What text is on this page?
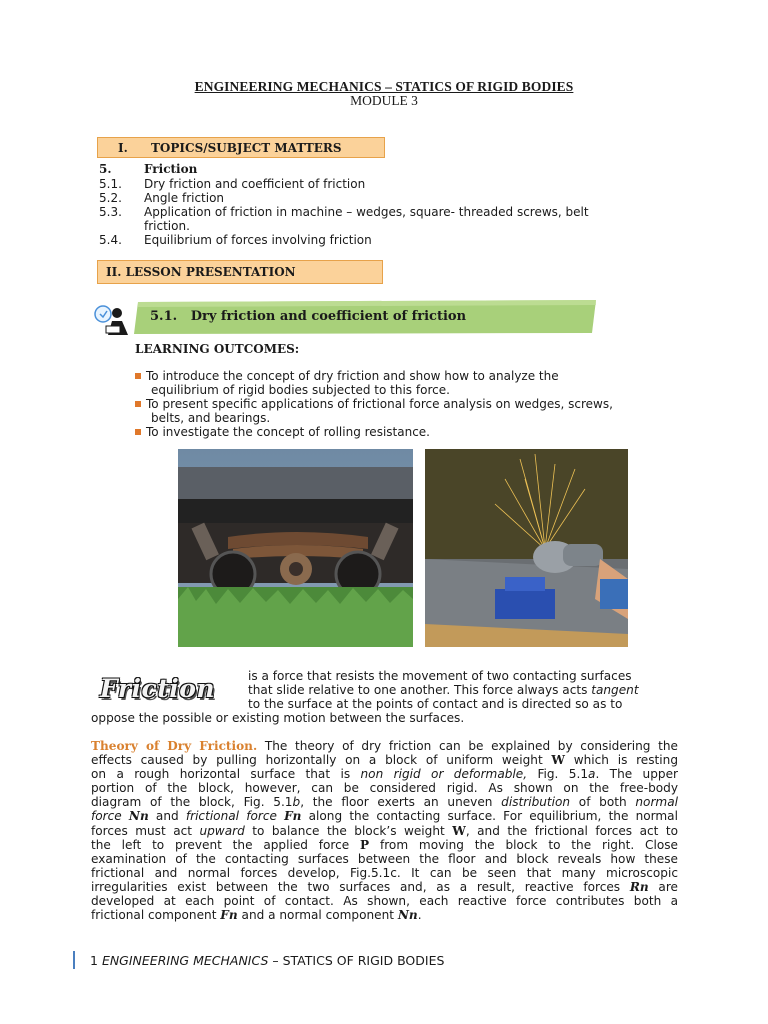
ENGINEERING MECHANICS – STATICS OF RIGID BODIES
MODULE 3
I. TOPICS/SUBJECT MATTERS
5.	Friction
5.1. Dry friction and coefficient of friction
5.2. Angle friction
5.3. Application of friction in machine – wedges, square- threaded screws, belt
friction.
5.4. Equilibrium of forces involving friction
II. LESSON PRESENTATION
5.1. Dry friction and coefficient of friction
LEARNING OUTCOMES:
To introduce the concept of dry friction and show how to analyze the
equilibrium of rigid bodies subjected to this force.
To present specific applications of frictional force analysis on wedges, screws,
belts, and bearings.
To investigate the concept of rolling resistance.
Friction	is a force that resists the movement of two contacting surfaces
that slide relative to one another. This force always acts tangent
to the surface at the points of contact and is directed so as to
oppose the possible or existing motion between the surfaces.
Theory of Dry Friction. The theory of dry friction can be explained by considering the
effects caused by pulling horizontally on a block of uniform weight W which is resting
on a rough horizontal surface that is non rigid or deformable, Fig. 5.1a. The upper
portion of the block, however, can be considered rigid. As shown on the free-body
diagram of the block, Fig. 5.1b, the floor exerts an uneven distribution of both normal
force Nn and frictional force Fn along the contacting surface. For equilibrium, the normal
forces must act upward to balance the block’s weight W, and the frictional forces act to
the left to prevent the applied force P from moving the block to the right. Close
examination of the contacting surfaces between the floor and block reveals how these
frictional and normal forces develop, Fig.5.1c. It can be seen that many microscopic
irregularities exist between the two surfaces and, as a result, reactive forces Rn are
developed at each point of contact. As shown, each reactive force contributes both a
frictional component Fn and a normal component Nn.
1 ENGINEERING MECHANICS – STATICS OF RIGID BODIES
